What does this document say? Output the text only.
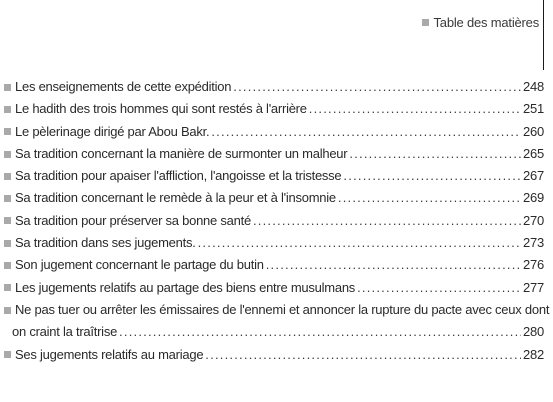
Table des matières
Les enseignements de cette expédition . . .	248
Le hadith des trois hommes qui sont restés à l'arrière . . .	251
Le pèlerinage dirigé par Abou Bakr. . . .	260
Sa tradition concernant la manière de surmonter un malheur . . .	265
Sa tradition pour apaiser l'affliction, l'angoisse et la tristesse . . .	267
Sa tradition concernant le remède à la peur et à l'insomnie . . .	269
Sa tradition pour préserver sa bonne santé . . .	270
Sa tradition dans ses jugements. . . .	273
Son jugement concernant le partage du butin . . .	276
Les jugements relatifs au partage des biens entre musulmans . . .	277
Ne pas tuer ou arrêter les émissaires de l'ennemi et annoncer la rupture du pacte avec ceux dont
on craint la traîtrise . . .	280
Ses jugements relatifs au mariage . . .	282
